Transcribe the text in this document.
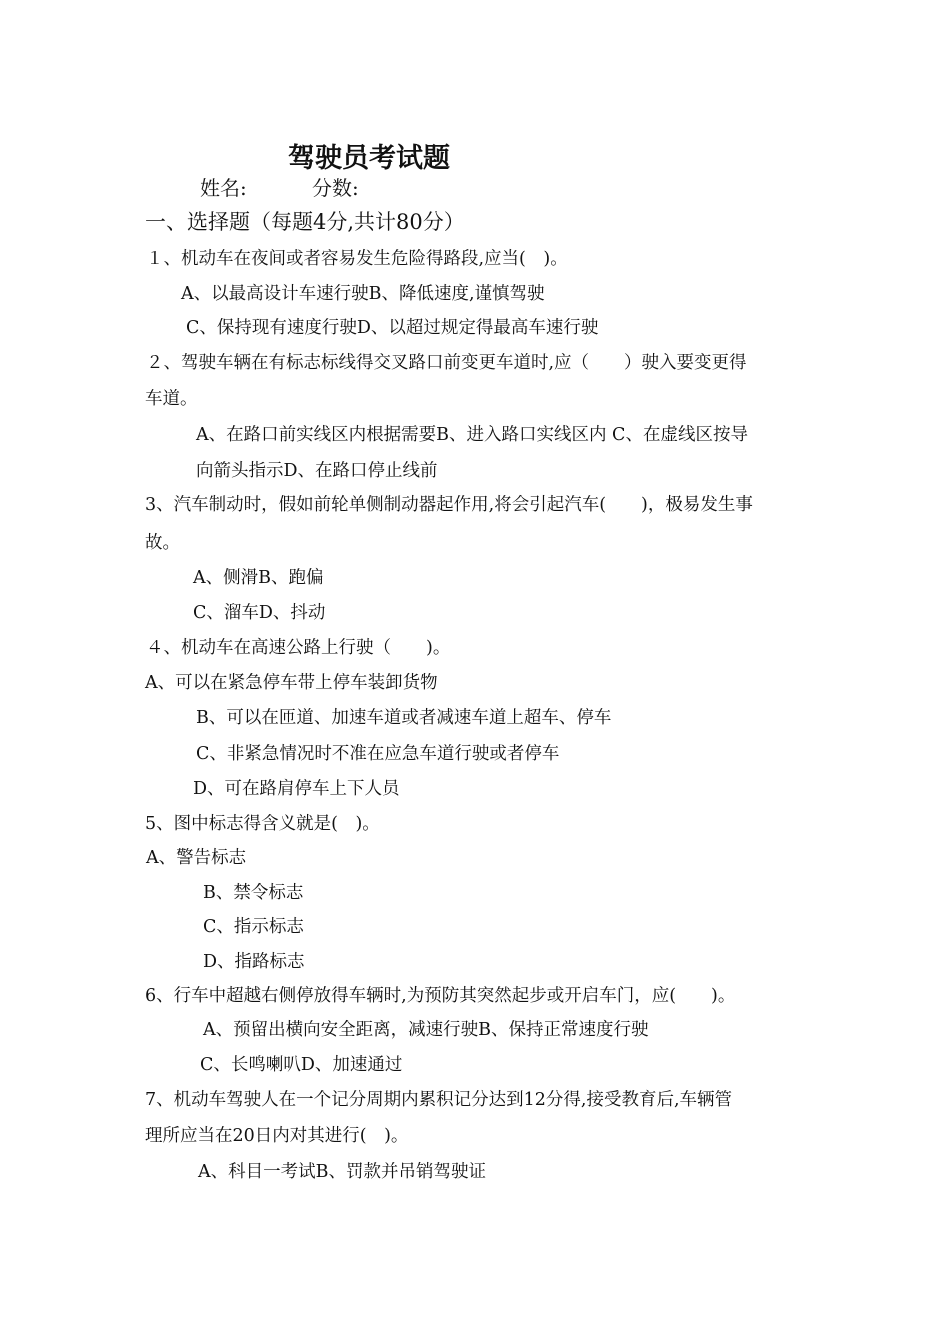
驾驶员考试题
姓名:	分数:
一、选择题（每题4分,共计80分）
１、机动车在夜间或者容易发生危险得路段,应当(　)。
A、以最高设计车速行驶B、降低速度,谨慎驾驶
C、保持现有速度行驶D、以超过规定得最高车速行驶
２、驾驶车辆在有标志标线得交叉路口前变更车道时,应（　　）驶入要变更得
车道。
A、在路口前实线区内根据需要B、进入路口实线区内 C、在虚线区按导
向箭头指示D、在路口停止线前
3、汽车制动时，假如前轮单侧制动器起作用,将会引起汽车(　　)，极易发生事
故。
A、侧滑B、跑偏
C、溜车D、抖动
４、机动车在高速公路上行驶（　　)。
A、可以在紧急停车带上停车装卸货物
B、可以在匝道、加速车道或者减速车道上超车、停车
C、非紧急情况时不准在应急车道行驶或者停车
D、可在路肩停车上下人员
5、图中标志得含义就是(　)。
A、警告标志
B、禁令标志
C、指示标志
D、指路标志
6、行车中超越右侧停放得车辆时,为预防其突然起步或开启车门，应(　　)。
A、预留出横向安全距离，减速行驶B、保持正常速度行驶
C、长鸣喇叭D、加速通过
7、机动车驾驶人在一个记分周期内累积记分达到12分得,接受教育后,车辆管
理所应当在20日内对其进行(　)。
A、科目一考试B、罚款并吊销驾驶证
